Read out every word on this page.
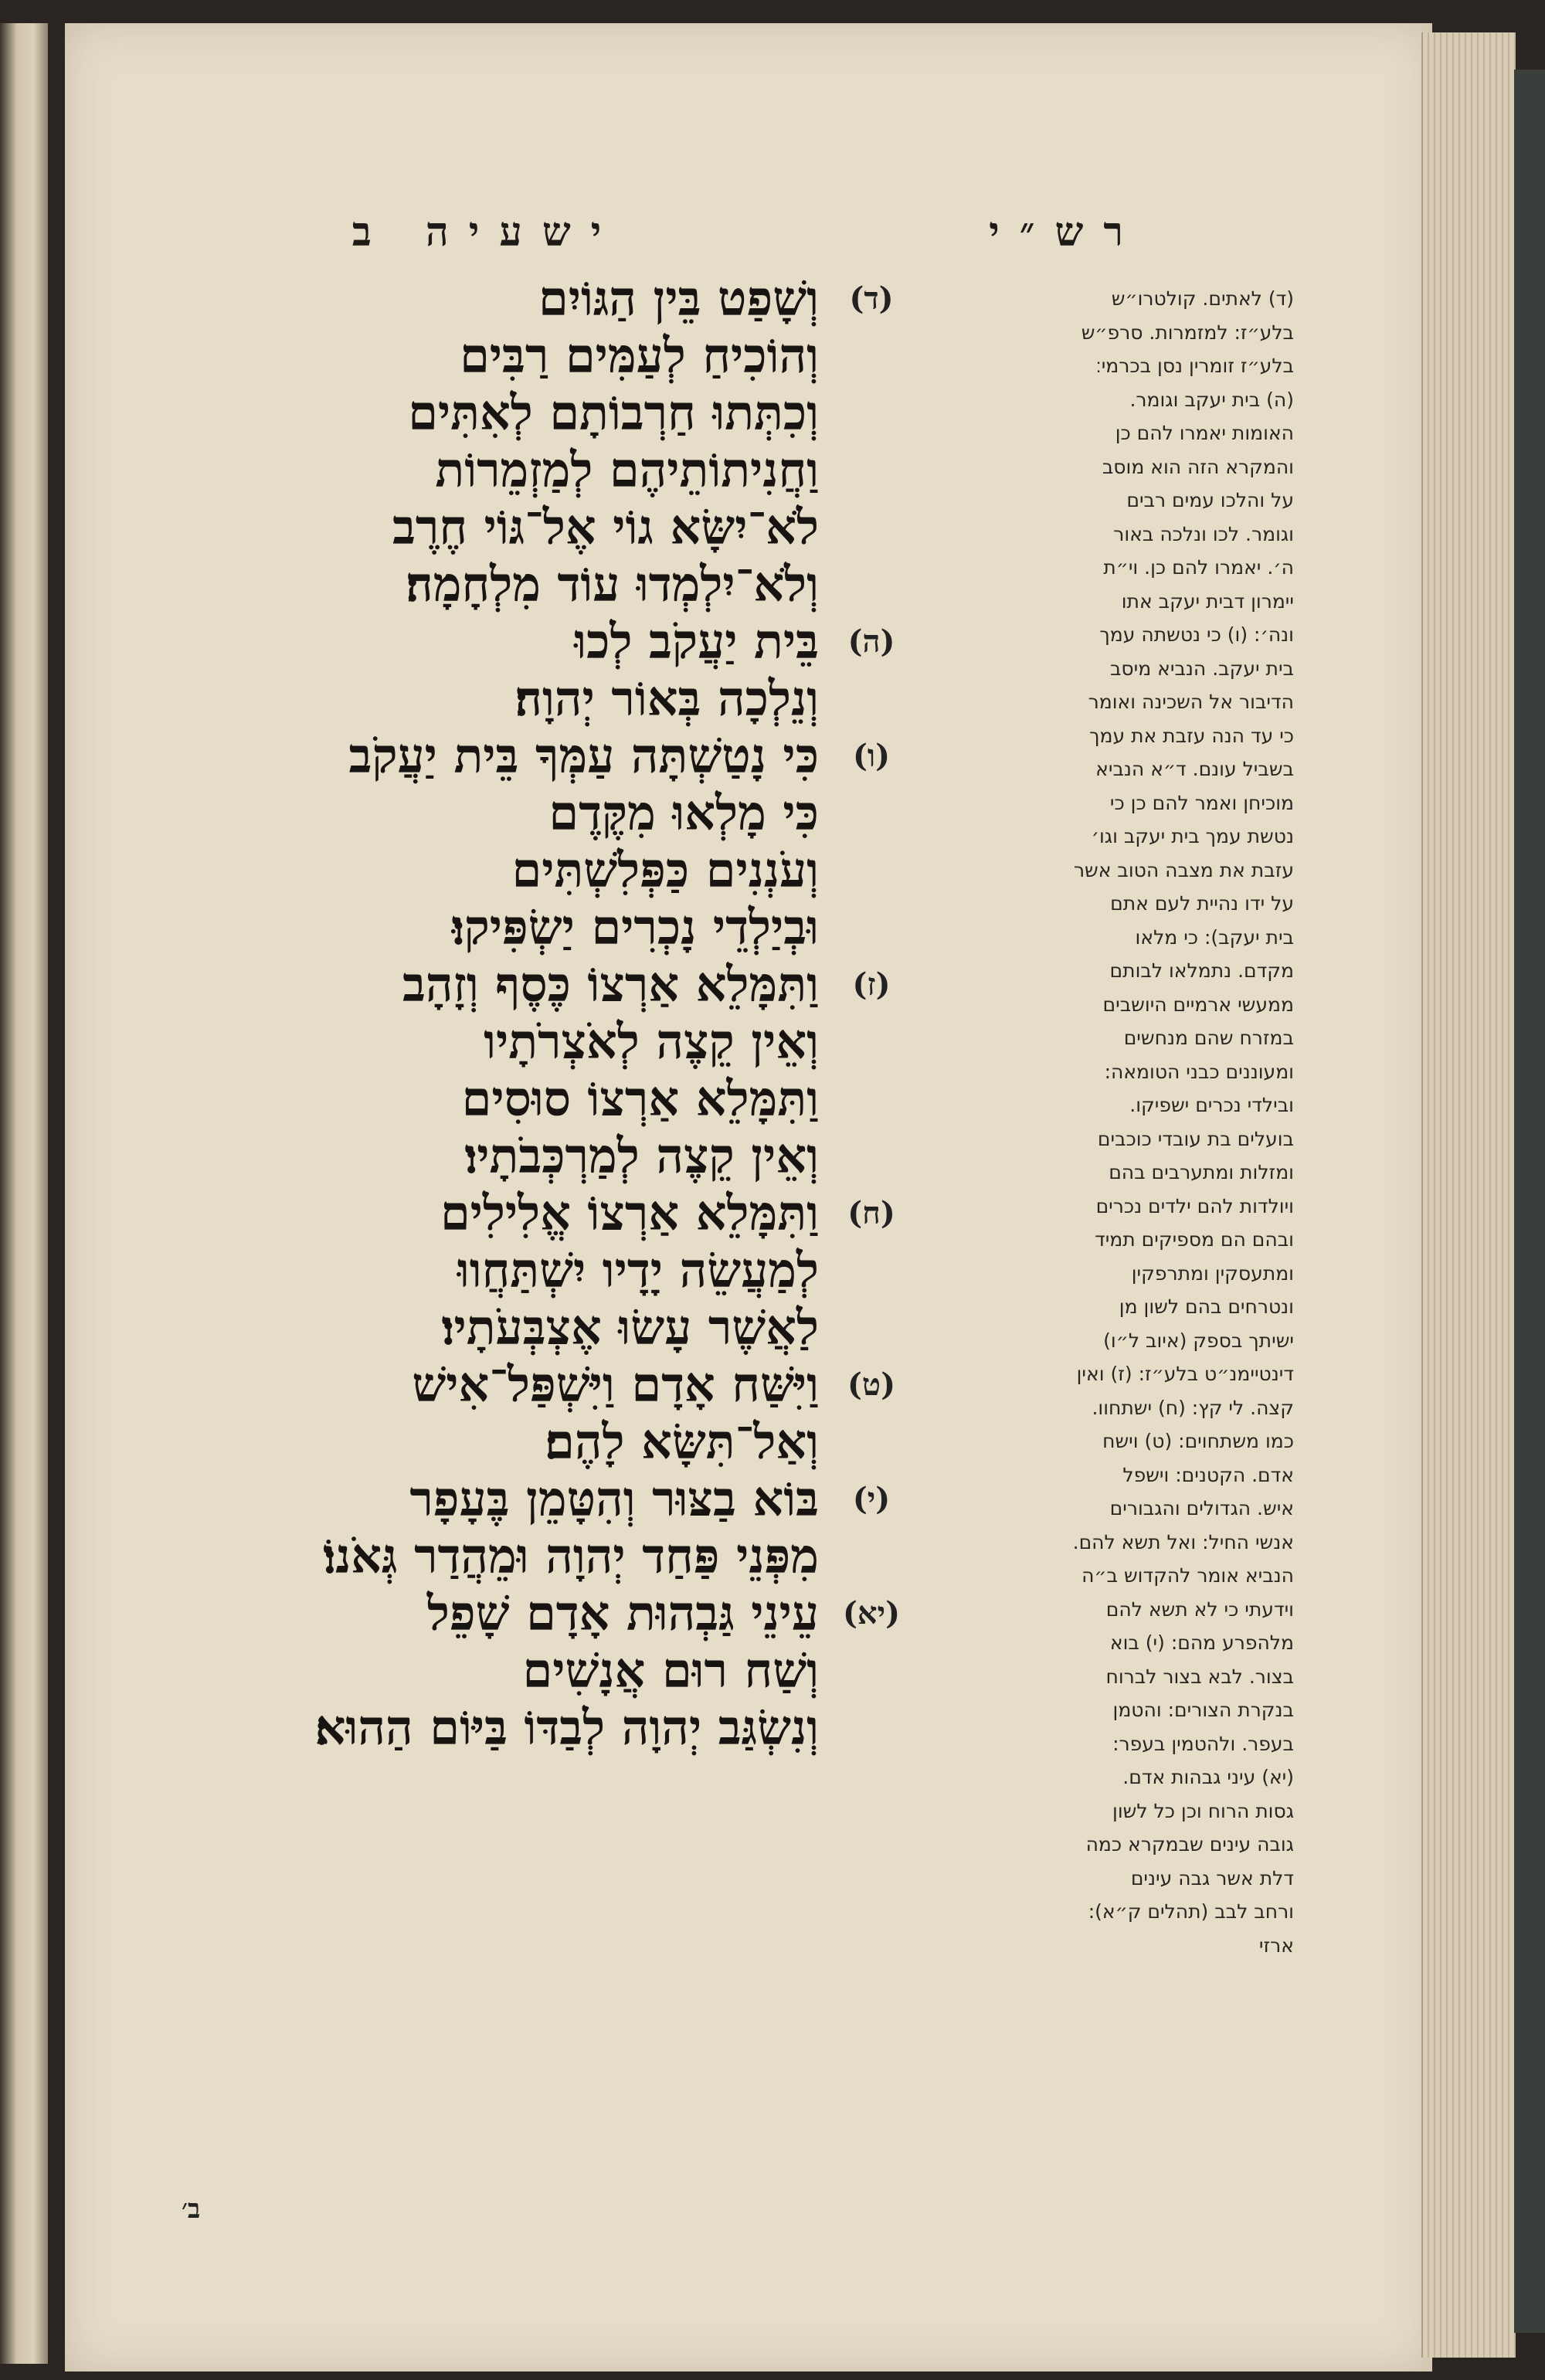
ישעיה ב	רש״י
(ד)
וְשָׁפַט בֵּין הַגּוֹיִם
וְהוֹכִיחַ לְעַמִּים רַבִּים
וְכִתְּתוּ חַרְבוֹתָם לְאִתִּים
וַחֲנִיתוֹתֵיהֶם לְמַזְמֵרוֹת
לֹא־יִשָּׂא גוֹי אֶל־גּוֹי חֶרֶב
וְלֹא־יִלְמְדוּ עוֹד מִלְחָמָה׃
(ה)
בֵּית יַעֲקֹב לְכוּ
וְנֵלְכָה בְּאוֹר יְהוָה׃
(ו)
כִּי נָטַשְׁתָּה עַמְּךָ בֵּית יַעֲקֹב
כִּי מָלְאוּ מִקֶּדֶם
וְעֹנְנִים כַּפְּלִשְׁתִּים
וּבְיַלְדֵי נָכְרִים יַשְׂפִּיקוּ׃
(ז)
וַתִּמָּלֵא אַרְצוֹ כֶּסֶף וְזָהָב
וְאֵין קֵצֶה לְאֹצְרֹתָיו
וַתִּמָּלֵא אַרְצוֹ סוּסִים
וְאֵין קֵצֶה לְמַרְכְּבֹתָיו׃
(ח)
וַתִּמָּלֵא אַרְצוֹ אֱלִילִים
לְמַעֲשֵׂה יָדָיו יִשְׁתַּחֲווּ
לַאֲשֶׁר עָשׂוּ אֶצְבְּעֹתָיו׃
(ט)
וַיִּשַּׁח אָדָם וַיִּשְׁפַּל־אִישׁ
וְאַל־תִּשָּׂא לָהֶם׃
(י)
בּוֹא בַצּוּר וְהִטָּמֵן בֶּעָפָר
מִפְּנֵי פַּחַד יְהוָה וּמֵהֲדַר גְּאֹנוֹ׃
(יא)
עֵינֵי גַּבְהוּת אָדָם שָׁפֵל
וְשַׁח רוּם אֲנָשִׁים
וְנִשְׂגַּב יְהוָה לְבַדּוֹ בַּיּוֹם הַהוּא׃
(ד) לאתים. קולטרו״ש
בלע״ז: למזמרות. סרפ״ש
בלע״ז זומרין נסן בכרמי׃
(ה) בית יעקב וגומר.
האומות יאמרו להם כן
והמקרא הזה הוא מוסב
על והלכו עמים רבים
וגומר. לכו ונלכה באור
ה׳. יאמרו להם כן. וי״ת
יימרון דבית יעקב אתו
ונה׳: (ו) כי נטשתה עמך
בית יעקב. הנביא מיסב
הדיבור אל השכינה ואומר
כי עד הנה עזבת את עמך
בשביל עונם. ד״א הנביא
מוכיחן ואמר להם כן כי
נטשת עמך בית יעקב וגו׳
עזבת את מצבה הטוב אשר
על ידו נהיית לעם אתם
בית יעקב): כי מלאו
מקדם. נתמלאו לבותם
ממעשי ארמיים היושבים
במזרח שהם מנחשים
ומעוננים כבני הטומאה:
ובילדי נכרים ישפיקו.
בועלים בת עובדי כוכבים
ומזלות ומתערבים בהם
ויולדות להם ילדים נכרים
ובהם הם מספיקים תמיד
ומתעסקין ומתרפקין
ונטרחים בהם לשון מן
ישיתך בספק (איוב ל״ו)
דינטיימנ״ט בלע״ז: (ז) ואין
קצה. לי קץ: (ח) ישתחוו.
כמו משתחוים: (ט) וישח
אדם. הקטנים: וישפל
איש. הגדולים והגבורים
אנשי החיל: ואל תשא להם.
הנביא אומר להקדוש ב״ה
וידעתי כי לא תשא להם
מלהפרע מהם: (י) בוא
בצור. לבא בצור לברוח
בנקרת הצורים: והטמן
בעפר. ולהטמין בעפר:
(יא) עיני גבהות אדם.
גסות הרוח וכן כל לשון
גובה עינים שבמקרא כמה
דלת אשר גבה עינים
ורחב לבב (תהלים ק״א):
ארזי
ב׳
